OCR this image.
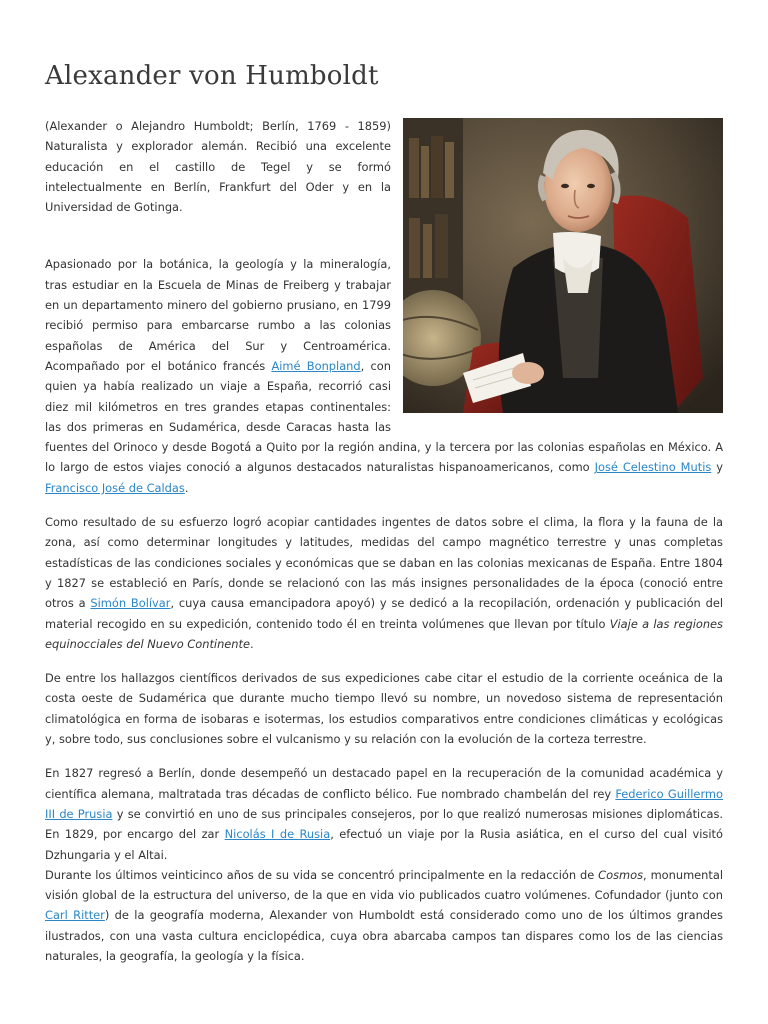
Alexander von Humboldt

(Alexander o Alejandro Humboldt; Berlín, 1769 - 1859) Naturalista y explorador alemán. Recibió una excelente educación en el castillo de Tegel y se formó intelectualmente en Berlín, Frankfurt del Oder y en la Universidad de Gotinga.

Apasionado por la botánica, la geología y la mineralogía, tras estudiar en la Escuela de Minas de Freiberg y trabajar en un departamento minero del gobierno prusiano, en 1799 recibió permiso para embarcarse rumbo a las colonias españolas de América del Sur y Centroamérica. Acompañado por el botánico francés Aimé Bonpland, con quien ya había realizado un viaje a España, recorrió casi diez mil kilómetros en tres grandes etapas continentales: las dos primeras en Sudamérica, desde Caracas hasta las fuentes del Orinoco y desde Bogotá a Quito por la región andina, y la tercera por las colonias españolas en México. A lo largo de estos viajes conoció a algunos destacados naturalistas hispanoamericanos, como José Celestino Mutis y Francisco José de Caldas.

Como resultado de su esfuerzo logró acopiar cantidades ingentes de datos sobre el clima, la flora y la fauna de la zona, así como determinar longitudes y latitudes, medidas del campo magnético terrestre y unas completas estadísticas de las condiciones sociales y económicas que se daban en las colonias mexicanas de España. Entre 1804 y 1827 se estableció en París, donde se relacionó con las más insignes personalidades de la época (conoció entre otros a Simón Bolívar, cuya causa emancipadora apoyó) y se dedicó a la recopilación, ordenación y publicación del material recogido en su expedición, contenido todo él en treinta volúmenes que llevan por título Viaje a las regiones equinocciales del Nuevo Continente.

De entre los hallazgos científicos derivados de sus expediciones cabe citar el estudio de la corriente oceánica de la costa oeste de Sudamérica que durante mucho tiempo llevó su nombre, un novedoso sistema de representación climatológica en forma de isobaras e isotermas, los estudios comparativos entre condiciones climáticas y ecológicas y, sobre todo, sus conclusiones sobre el vulcanismo y su relación con la evolución de la corteza terrestre.

En 1827 regresó a Berlín, donde desempeñó un destacado papel en la recuperación de la comunidad académica y científica alemana, maltratada tras décadas de conflicto bélico. Fue nombrado chambelán del rey Federico Guillermo III de Prusia y se convirtió en uno de sus principales consejeros, por lo que realizó numerosas misiones diplomáticas. En 1829, por encargo del zar Nicolás I de Rusia, efectuó un viaje por la Rusia asiática, en el curso del cual visitó Dzhungaria y el Altai.

Durante los últimos veinticinco años de su vida se concentró principalmente en la redacción de Cosmos, monumental visión global de la estructura del universo, de la que en vida vio publicados cuatro volúmenes. Cofundador (junto con Carl Ritter) de la geografía moderna, Alexander von Humboldt está considerado como uno de los últimos grandes ilustrados, con una vasta cultura enciclopédica, cuya obra abarcaba campos tan dispares como los de las ciencias naturales, la geografía, la geología y la física.
